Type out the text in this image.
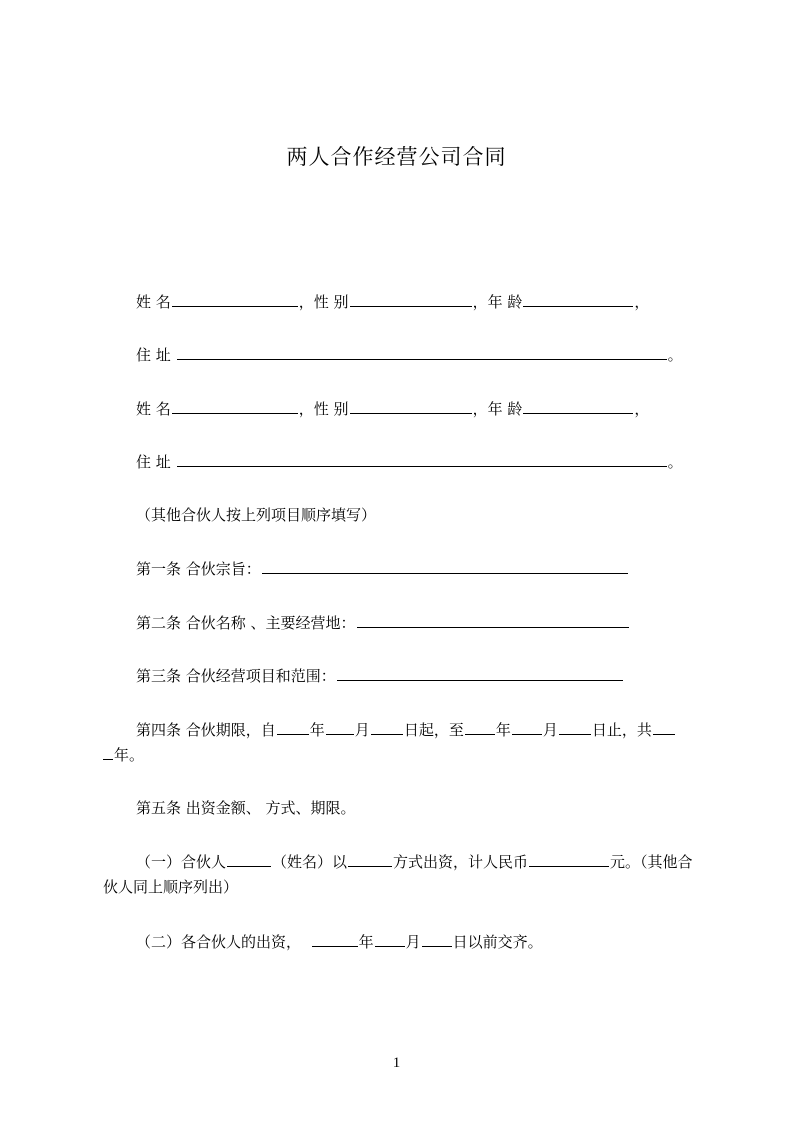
两人合作经营公司合同
姓 名	，性 别	，年 龄	，
住 址	。
姓 名	，性 别	，年 龄	，
住 址	。
（其他合伙人按上列项目顺序填写）
第一条 合伙宗旨：
第二条 合伙名称 、主要经营地：
第三条 合伙经营项目和范围：
第四条 合伙期限，自 年 月 日起，至 年 月 日止，共
年。
第五条 出资金额、 方式、期限。
（一）合伙人	（姓名）以	方式出资，计人民币	元。（其他合
伙人同上顺序列出）
（二）各合伙人的出资，	年 月 日以前交齐。
1
